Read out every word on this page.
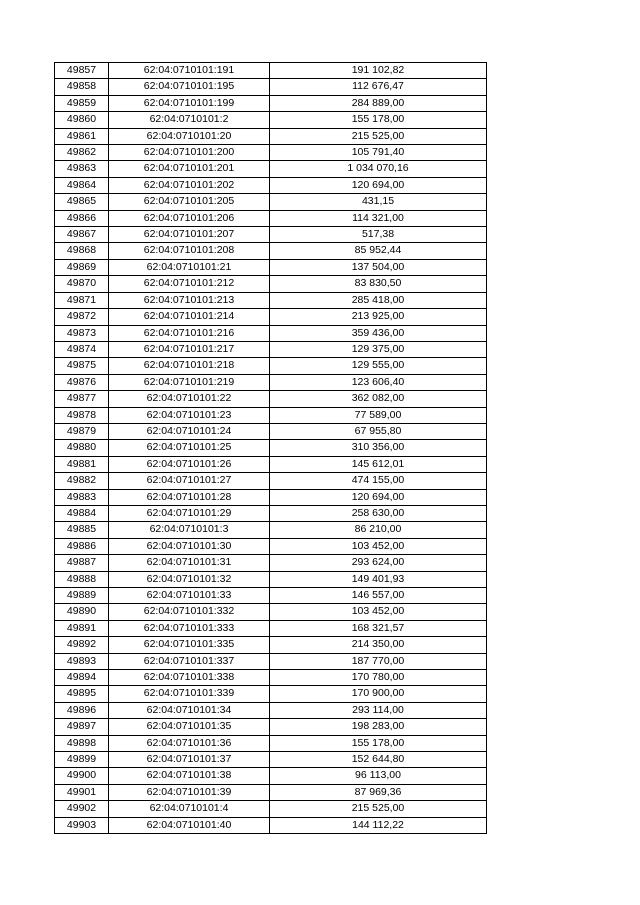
49857	62:04:0710101:191	191 102,82
49858	62:04:0710101:195	112 676,47
49859	62:04:0710101:199	284 889,00
49860	62:04:0710101:2	155 178,00
49861	62:04:0710101:20	215 525,00
49862	62:04:0710101:200	105 791,40
49863	62:04:0710101:201	1 034 070,16
49864	62:04:0710101:202	120 694,00
49865	62:04:0710101:205	431,15
49866	62:04:0710101:206	114 321,00
49867	62:04:0710101:207	517,38
49868	62:04:0710101:208	85 952,44
49869	62:04:0710101:21	137 504,00
49870	62:04:0710101:212	83 830,50
49871	62:04:0710101:213	285 418,00
49872	62:04:0710101:214	213 925,00
49873	62:04:0710101:216	359 436,00
49874	62:04:0710101:217	129 375,00
49875	62:04:0710101:218	129 555,00
49876	62:04:0710101:219	123 606,40
49877	62:04:0710101:22	362 082,00
49878	62:04:0710101:23	77 589,00
49879	62:04:0710101:24	67 955,80
49880	62:04:0710101:25	310 356,00
49881	62:04:0710101:26	145 612,01
49882	62:04:0710101:27	474 155,00
49883	62:04:0710101:28	120 694,00
49884	62:04:0710101:29	258 630,00
49885	62:04:0710101:3	86 210,00
49886	62:04:0710101:30	103 452,00
49887	62:04:0710101:31	293 624,00
49888	62:04:0710101:32	149 401,93
49889	62:04:0710101:33	146 557,00
49890	62:04:0710101:332	103 452,00
49891	62:04:0710101:333	168 321,57
49892	62:04:0710101:335	214 350,00
49893	62:04:0710101:337	187 770,00
49894	62:04:0710101:338	170 780,00
49895	62:04:0710101:339	170 900,00
49896	62:04:0710101:34	293 114,00
49897	62:04:0710101:35	198 283,00
49898	62:04:0710101:36	155 178,00
49899	62:04:0710101:37	152 644,80
49900	62:04:0710101:38	96 113,00
49901	62:04:0710101:39	87 969,36
49902	62:04:0710101:4	215 525,00
49903	62:04:0710101:40	144 112,22
